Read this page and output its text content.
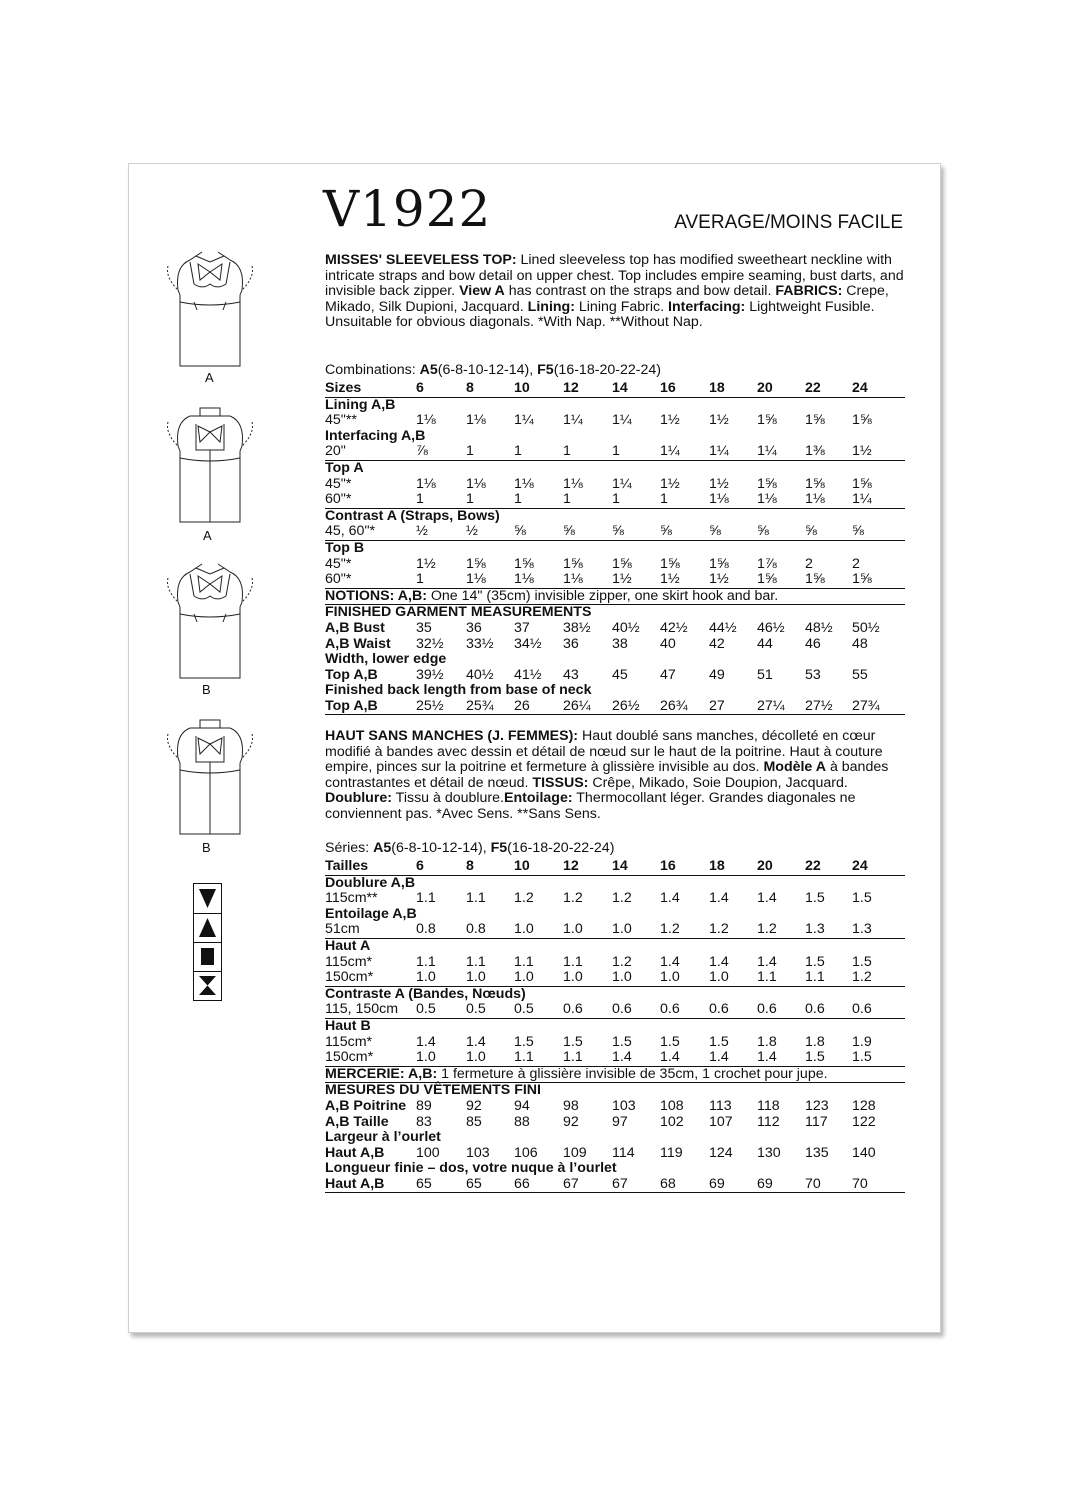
V1922	AVERAGE/MOINS FACILE
MISSES' SLEEVELESS TOP: Lined sleeveless top has modified sweetheart neckline with intricate straps and bow detail on upper chest. Top includes empire seaming, bust darts, and invisible back zipper. View A has contrast on the straps and bow detail. FABRICS: Crepe, Mikado, Silk Dupioni, Jacquard. Lining: Lining Fabric. Interfacing: Lightweight Fusible. Unsuitable for obvious diagonals. *With Nap. **Without Nap.
Combinations: A5(6-8-10-12-14), F5(16-18-20-22-24)
Sizes	6	8	10 12 14 16 18 20 22 24
Lining A,B
45"**	1⅛ 1⅛ 1¼ 1¼ 1¼ 1½ 1½ 1⅝ 1⅝ 1⅝
Interfacing A,B
20"	⅞	1	1	1	1	1¼ 1¼ 1¼ 1⅜ 1½
Top A
45"*	1⅛ 1⅛ 1⅛ 1⅛ 1¼ 1½ 1½ 1⅝ 1⅝ 1⅝
60"*	1	1	1	1	1	1	1⅛ 1⅛ 1⅛ 1¼
Contrast A (Straps, Bows)
45, 60"*	½	½	⅝	⅝	⅝	⅝	⅝	⅝	⅝ ⅝
Top B
45"*	1½ 1⅝ 1⅝ 1⅝ 1⅝ 1⅝ 1⅝ 1⅞ 2	2
60"*	1	1⅛ 1⅛ 1⅛ 1½ 1½ 1½ 1⅝ 1⅝ 1⅝
NOTIONS: A,B: One 14" (35cm) invisible zipper, one skirt hook and bar.
FINISHED GARMENT MEASUREMENTS
A,B Bust 35 36 37 38½ 40½ 42½ 44½ 46½ 48½ 50½
A,B Waist 32½ 33½ 34½ 36 38 40 42 44 46 48
Width, lower edge
Top A,B	39½ 40½ 41½ 43 45 47 49 51 53 55
Finished back length from base of neck
Top A,B	25½ 25¾ 26 26¼ 26½ 26¾ 27 27¼ 27½ 27¾
HAUT SANS MANCHES (J. FEMMES): Haut doublé sans manches, décolleté en cœur modifié à bandes avec dessin et détail de nœud sur le haut de la poitrine. Haut à couture empire, pinces sur la poitrine et fermeture à glissière invisible au dos. Modèle A à bandes contrastantes et détail de nœud. TISSUS: Crêpe, Mikado, Soie Doupion, Jacquard. Doublure: Tissu à doublure.Entoilage: Thermocollant léger. Grandes diagonales ne conviennent pas. *Avec Sens. **Sans Sens.
Séries: A5(6-8-10-12-14), F5(16-18-20-22-24)
Tailles	6	8	10 12 14 16 18 20 22 24
Doublure A,B
115cm**	1.1 1.1 1.2 1.2 1.2 1.4 1.4 1.4 1.5 1.5
Entoilage A,B
51cm	0.8 0.8 1.0 1.0 1.0 1.2 1.2 1.2 1.3 1.3
Haut A
115cm*	1.1 1.1 1.1 1.1 1.2 1.4 1.4 1.4 1.5 1.5
150cm*	1.0 1.0 1.0 1.0 1.0 1.0 1.0 1.1 1.1 1.2
Contraste A (Bandes, Nœuds)
115, 150cm 0.5 0.5 0.5 0.6 0.6 0.6 0.6 0.6 0.6 0.6
Haut B
115cm*	1.4 1.4 1.5 1.5 1.5 1.5 1.5 1.8 1.8 1.9
150cm*	1.0 1.0 1.1 1.1 1.4 1.4 1.4 1.4 1.5 1.5
MERCERIE: A,B: 1 fermeture à glissière invisible de 35cm, 1 crochet pour jupe.
MESURES DU VÊTEMENTS FINI
A,B Poitrine 89 92 94 98 103 108 113 118 123 128
A,B Taille 83 85 88 92 97 102 107 112 117 122
Largeur à l’ourlet
Haut A,B 100 103 106 109 114 119 124 130 135 140
Longueur finie – dos, votre nuque à l’ourlet
Haut A,B 65 65 66 67 67 68 69 69 70 70
A
A
B
B
